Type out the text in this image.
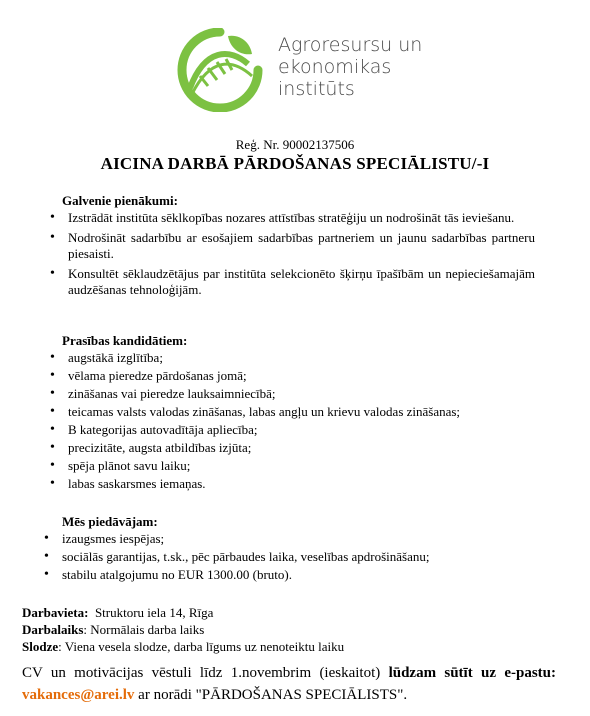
Agroresursu un
ekonomikas
institūts
Reģ. Nr. 90002137506
AICINA DARBĀ PĀRDOŠANAS SPECIĀLISTU/-I
Galvenie pienākumi:
• Izstrādāt institūta sēklkopības nozares attīstības stratēģiju un nodrošināt tās ieviešanu.
• Nodrošināt sadarbību ar esošajiem sadarbības partneriem un jaunu sadarbības partneru piesaisti.
• Konsultēt sēklaudzētājus par institūta selekcionēto šķirņu īpašībām un nepieciešamajām audzēšanas tehnoloģijām.
Prasības kandidātiem:
• augstākā izglītība;
• vēlama pieredze pārdošanas jomā;
• zināšanas vai pieredze lauksaimniecībā;
• teicamas valsts valodas zināšanas, labas angļu un krievu valodas zināšanas;
• B kategorijas autovadītāja apliecība;
• precizitāte, augsta atbildības izjūta;
• spēja plānot savu laiku;
• labas saskarsmes iemaņas.
Mēs piedāvājam:
• izaugsmes iespējas;
• sociālās garantijas, t.sk., pēc pārbaudes laika, veselības apdrošināšanu;
• stabilu atalgojumu no EUR 1300.00 (bruto).
Darbavieta:  Struktoru iela 14, Rīga
Darbalaiks: Normālais darba laiks
Slodze: Viena vesela slodze, darba līgums uz nenoteiktu laiku
CV un motivācijas vēstuli līdz 1.novembrim (ieskaitot) lūdzam sūtīt uz e-pastu: vakances@arei.lv ar norādi "PĀRDOŠANAS SPECIĀLISTS".
